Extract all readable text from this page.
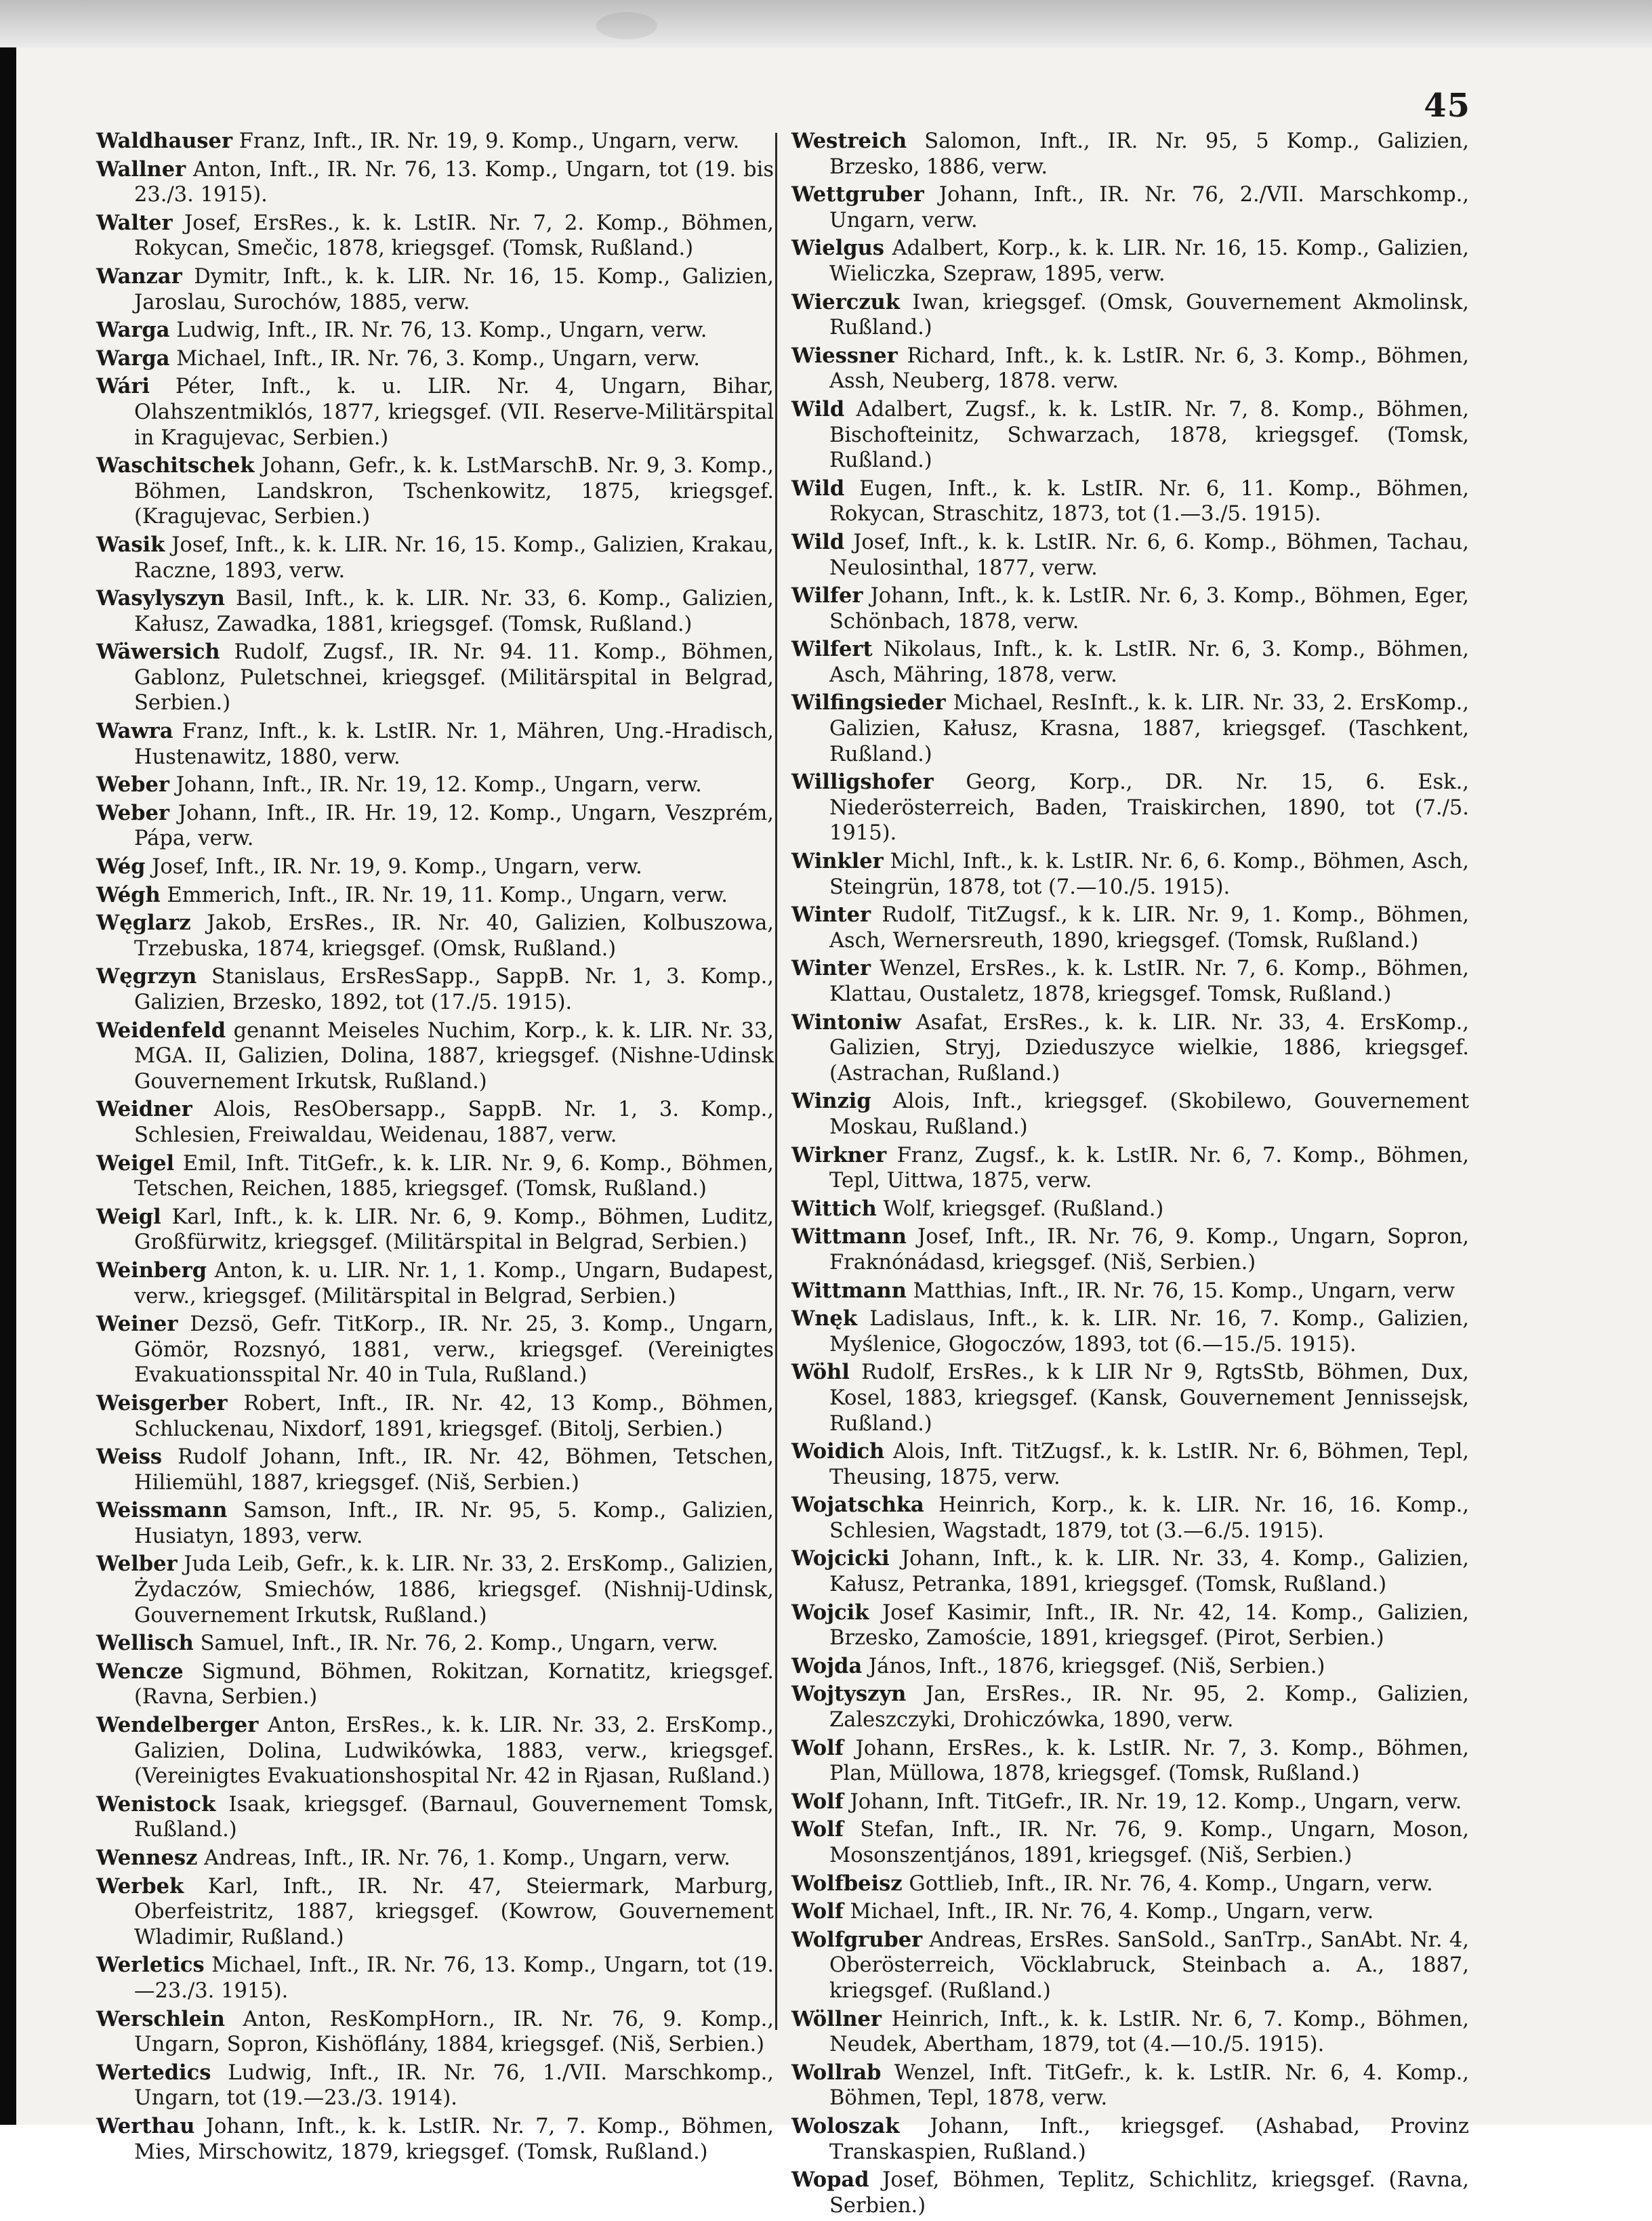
45

Waldhauser Franz, Inft., IR. Nr. 19, 9. Komp., Ungarn, verw.

Wallner Anton, Inft., IR. Nr. 76, 13. Komp., Ungarn, tot (19. bis 23./3. 1915).

Walter Josef, ErsRes., k. k. LstIR. Nr. 7, 2. Komp., Böhmen, Rokycan, Smečic, 1878, kriegsgef. (Tomsk, Rußland.)

Wanzar Dymitr, Inft., k. k. LIR. Nr. 16, 15. Komp., Galizien, Jaroslau, Surochów, 1885, verw.

Warga Ludwig, Inft., IR. Nr. 76, 13. Komp., Ungarn, verw.

Warga Michael, Inft., IR. Nr. 76, 3. Komp., Ungarn, verw.

Wári Péter, Inft., k. u. LIR. Nr. 4, Ungarn, Bihar, Olahszentmiklós, 1877, kriegsgef. (VII. Reserve-Militärspital in Kragujevac, Serbien.)

Waschitschek Johann, Gefr., k. k. LstMarschB. Nr. 9, 3. Komp., Böhmen, Landskron, Tschenkowitz, 1875, kriegsgef. (Kragujevac, Serbien.)

Wasik Josef, Inft., k. k. LIR. Nr. 16, 15. Komp., Galizien, Krakau, Raczne, 1893, verw.

Wasylyszyn Basil, Inft., k. k. LIR. Nr. 33, 6. Komp., Galizien, Kałusz, Zawadka, 1881, kriegsgef. (Tomsk, Rußland.)

Wäwersich Rudolf, Zugsf., IR. Nr. 94. 11. Komp., Böhmen, Gablonz, Puletschnei, kriegsgef. (Militärspital in Belgrad, Serbien.)

Wawra Franz, Inft., k. k. LstIR. Nr. 1, Mähren, Ung.-Hradisch, Hustenawitz, 1880, verw.

Weber Johann, Inft., IR. Nr. 19, 12. Komp., Ungarn, verw.

Weber Johann, Inft., IR. Hr. 19, 12. Komp., Ungarn, Veszprém, Pápa, verw.

Wég Josef, Inft., IR. Nr. 19, 9. Komp., Ungarn, verw.

Wégh Emmerich, Inft., IR. Nr. 19, 11. Komp., Ungarn, verw.

Węglarz Jakob, ErsRes., IR. Nr. 40, Galizien, Kolbuszowa, Trzebuska, 1874, kriegsgef. (Omsk, Rußland.)

Węgrzyn Stanislaus, ErsResSapp., SappB. Nr. 1, 3. Komp., Galizien, Brzesko, 1892, tot (17./5. 1915).

Weidenfeld genannt Meiseles Nuchim, Korp., k. k. LIR. Nr. 33, MGA. II, Galizien, Dolina, 1887, kriegsgef. (Nishne-Udinsk Gouvernement Irkutsk, Rußland.)

Weidner Alois, ResObersapp., SappB. Nr. 1, 3. Komp., Schlesien, Freiwaldau, Weidenau, 1887, verw.

Weigel Emil, Inft. TitGefr., k. k. LIR. Nr. 9, 6. Komp., Böhmen, Tetschen, Reichen, 1885, kriegsgef. (Tomsk, Rußland.)

Weigl Karl, Inft., k. k. LIR. Nr. 6, 9. Komp., Böhmen, Luditz, Großfürwitz, kriegsgef. (Militärspital in Belgrad, Serbien.)

Weinberg Anton, k. u. LIR. Nr. 1, 1. Komp., Ungarn, Budapest, verw., kriegsgef. (Militärspital in Belgrad, Serbien.)

Weiner Dezsö, Gefr. TitKorp., IR. Nr. 25, 3. Komp., Ungarn, Gömör, Rozsnyó, 1881, verw., kriegsgef. (Vereinigtes Evakuationsspital Nr. 40 in Tula, Rußland.)

Weisgerber Robert, Inft., IR. Nr. 42, 13 Komp., Böhmen, Schluckenau, Nixdorf, 1891, kriegsgef. (Bitolj, Serbien.)

Weiss Rudolf Johann, Inft., IR. Nr. 42, Böhmen, Tetschen, Hiliemühl, 1887, kriegsgef. (Niš, Serbien.)

Weissmann Samson, Inft., IR. Nr. 95, 5. Komp., Galizien, Husiatyn, 1893, verw.

Welber Juda Leib, Gefr., k. k. LIR. Nr. 33, 2. ErsKomp., Galizien, Żydaczów, Smiechów, 1886, kriegsgef. (Nishnij-Udinsk, Gouvernement Irkutsk, Rußland.)

Wellisch Samuel, Inft., IR. Nr. 76, 2. Komp., Ungarn, verw.

Wencze Sigmund, Böhmen, Rokitzan, Kornatitz, kriegsgef. (Ravna, Serbien.)

Wendelberger Anton, ErsRes., k. k. LIR. Nr. 33, 2. ErsKomp., Galizien, Dolina, Ludwikówka, 1883, verw., kriegsgef. (Vereinigtes Evakuationshospital Nr. 42 in Rjasan, Rußland.)

Wenistock Isaak, kriegsgef. (Barnaul, Gouvernement Tomsk, Rußland.)

Wennesz Andreas, Inft., IR. Nr. 76, 1. Komp., Ungarn, verw.

Werbek Karl, Inft., IR. Nr. 47, Steiermark, Marburg, Oberfeistritz, 1887, kriegsgef. (Kowrow, Gouvernement Wladimir, Rußland.)

Werletics Michael, Inft., IR. Nr. 76, 13. Komp., Ungarn, tot (19.—23./3. 1915).

Werschlein Anton, ResKompHorn., IR. Nr. 76, 9. Komp., Ungarn, Sopron, Kishöflány, 1884, kriegsgef. (Niš, Serbien.)

Wertedics Ludwig, Inft., IR. Nr. 76, 1./VII. Marschkomp., Ungarn, tot (19.—23./3. 1914).

Werthau Johann, Inft., k. k. LstIR. Nr. 7, 7. Komp., Böhmen, Mies, Mirschowitz, 1879, kriegsgef. (Tomsk, Rußland.)

Westreich Salomon, Inft., IR. Nr. 95, 5 Komp., Galizien, Brzesko, 1886, verw.

Wettgruber Johann, Inft., IR. Nr. 76, 2./VII. Marschkomp., Ungarn, verw.

Wielgus Adalbert, Korp., k. k. LIR. Nr. 16, 15. Komp., Galizien, Wieliczka, Szepraw, 1895, verw.

Wierczuk Iwan, kriegsgef. (Omsk, Gouvernement Akmolinsk, Rußland.)

Wiessner Richard, Inft., k. k. LstIR. Nr. 6, 3. Komp., Böhmen, Assh, Neuberg, 1878. verw.

Wild Adalbert, Zugsf., k. k. LstIR. Nr. 7, 8. Komp., Böhmen, Bischofteinitz, Schwarzach, 1878, kriegsgef. (Tomsk, Rußland.)

Wild Eugen, Inft., k. k. LstIR. Nr. 6, 11. Komp., Böhmen, Rokycan, Straschitz, 1873, tot (1.—3./5. 1915).

Wild Josef, Inft., k. k. LstIR. Nr. 6, 6. Komp., Böhmen, Tachau, Neulosinthal, 1877, verw.

Wilfer Johann, Inft., k. k. LstIR. Nr. 6, 3. Komp., Böhmen, Eger, Schönbach, 1878, verw.

Wilfert Nikolaus, Inft., k. k. LstIR. Nr. 6, 3. Komp., Böhmen, Asch, Mähring, 1878, verw.

Wilfingsieder Michael, ResInft., k. k. LIR. Nr. 33, 2. ErsKomp., Galizien, Kałusz, Krasna, 1887, kriegsgef. (Taschkent, Rußland.)

Willigshofer Georg, Korp., DR. Nr. 15, 6. Esk., Niederösterreich, Baden, Traiskirchen, 1890, tot (7./5. 1915).

Winkler Michl, Inft., k. k. LstIR. Nr. 6, 6. Komp., Böhmen, Asch, Steingrün, 1878, tot (7.—10./5. 1915).

Winter Rudolf, TitZugsf., k k. LIR. Nr. 9, 1. Komp., Böhmen, Asch, Wernersreuth, 1890, kriegsgef. (Tomsk, Rußland.)

Winter Wenzel, ErsRes., k. k. LstIR. Nr. 7, 6. Komp., Böhmen, Klattau, Oustaletz, 1878, kriegsgef. Tomsk, Rußland.)

Wintoniw Asafat, ErsRes., k. k. LIR. Nr. 33, 4. ErsKomp., Galizien, Stryj, Dzieduszyce wielkie, 1886, kriegsgef. (Astrachan, Rußland.)

Winzig Alois, Inft., kriegsgef. (Skobilewo, Gouvernement Moskau, Rußland.)

Wirkner Franz, Zugsf., k. k. LstIR. Nr. 6, 7. Komp., Böhmen, Tepl, Uittwa, 1875, verw.

Wittich Wolf, kriegsgef. (Rußland.)

Wittmann Josef, Inft., IR. Nr. 76, 9. Komp., Ungarn, Sopron, Fraknónádasd, kriegsgef. (Niš, Serbien.)

Wittmann Matthias, Inft., IR. Nr. 76, 15. Komp., Ungarn, verw

Wnęk Ladislaus, Inft., k. k. LIR. Nr. 16, 7. Komp., Galizien, Myślenice, Głogoczów, 1893, tot (6.—15./5. 1915).

Wöhl Rudolf, ErsRes., k k LIR Nr 9, RgtsStb, Böhmen, Dux, Kosel, 1883, kriegsgef. (Kansk, Gouvernement Jennissejsk, Rußland.)

Woidich Alois, Inft. TitZugsf., k. k. LstIR. Nr. 6, Böhmen, Tepl, Theusing, 1875, verw.

Wojatschka Heinrich, Korp., k. k. LIR. Nr. 16, 16. Komp., Schlesien, Wagstadt, 1879, tot (3.—6./5. 1915).

Wojcicki Johann, Inft., k. k. LIR. Nr. 33, 4. Komp., Galizien, Kałusz, Petranka, 1891, kriegsgef. (Tomsk, Rußland.)

Wojcik Josef Kasimir, Inft., IR. Nr. 42, 14. Komp., Galizien, Brzesko, Zamoście, 1891, kriegsgef. (Pirot, Serbien.)

Wojda János, Inft., 1876, kriegsgef. (Niš, Serbien.)

Wojtyszyn Jan, ErsRes., IR. Nr. 95, 2. Komp., Galizien, Zaleszczyki, Drohiczówka, 1890, verw.

Wolf Johann, ErsRes., k. k. LstIR. Nr. 7, 3. Komp., Böhmen, Plan, Müllowa, 1878, kriegsgef. (Tomsk, Rußland.)

Wolf Johann, Inft. TitGefr., IR. Nr. 19, 12. Komp., Ungarn, verw.

Wolf Stefan, Inft., IR. Nr. 76, 9. Komp., Ungarn, Moson, Mosonszentjános, 1891, kriegsgef. (Niš, Serbien.)

Wolfbeisz Gottlieb, Inft., IR. Nr. 76, 4. Komp., Ungarn, verw.

Wolf Michael, Inft., IR. Nr. 76, 4. Komp., Ungarn, verw.

Wolfgruber Andreas, ErsRes. SanSold., SanTrp., SanAbt. Nr. 4, Oberösterreich, Vöcklabruck, Steinbach a. A., 1887, kriegsgef. (Rußland.)

Wöllner Heinrich, Inft., k. k. LstIR. Nr. 6, 7. Komp., Böhmen, Neudek, Abertham, 1879, tot (4.—10./5. 1915).

Wollrab Wenzel, Inft. TitGefr., k. k. LstIR. Nr. 6, 4. Komp., Böhmen, Tepl, 1878, verw.

Woloszak Johann, Inft., kriegsgef. (Ashabad, Provinz Transkaspien, Rußland.)

Wopad Josef, Böhmen, Teplitz, Schichlitz, kriegsgef. (Ravna, Serbien.)
